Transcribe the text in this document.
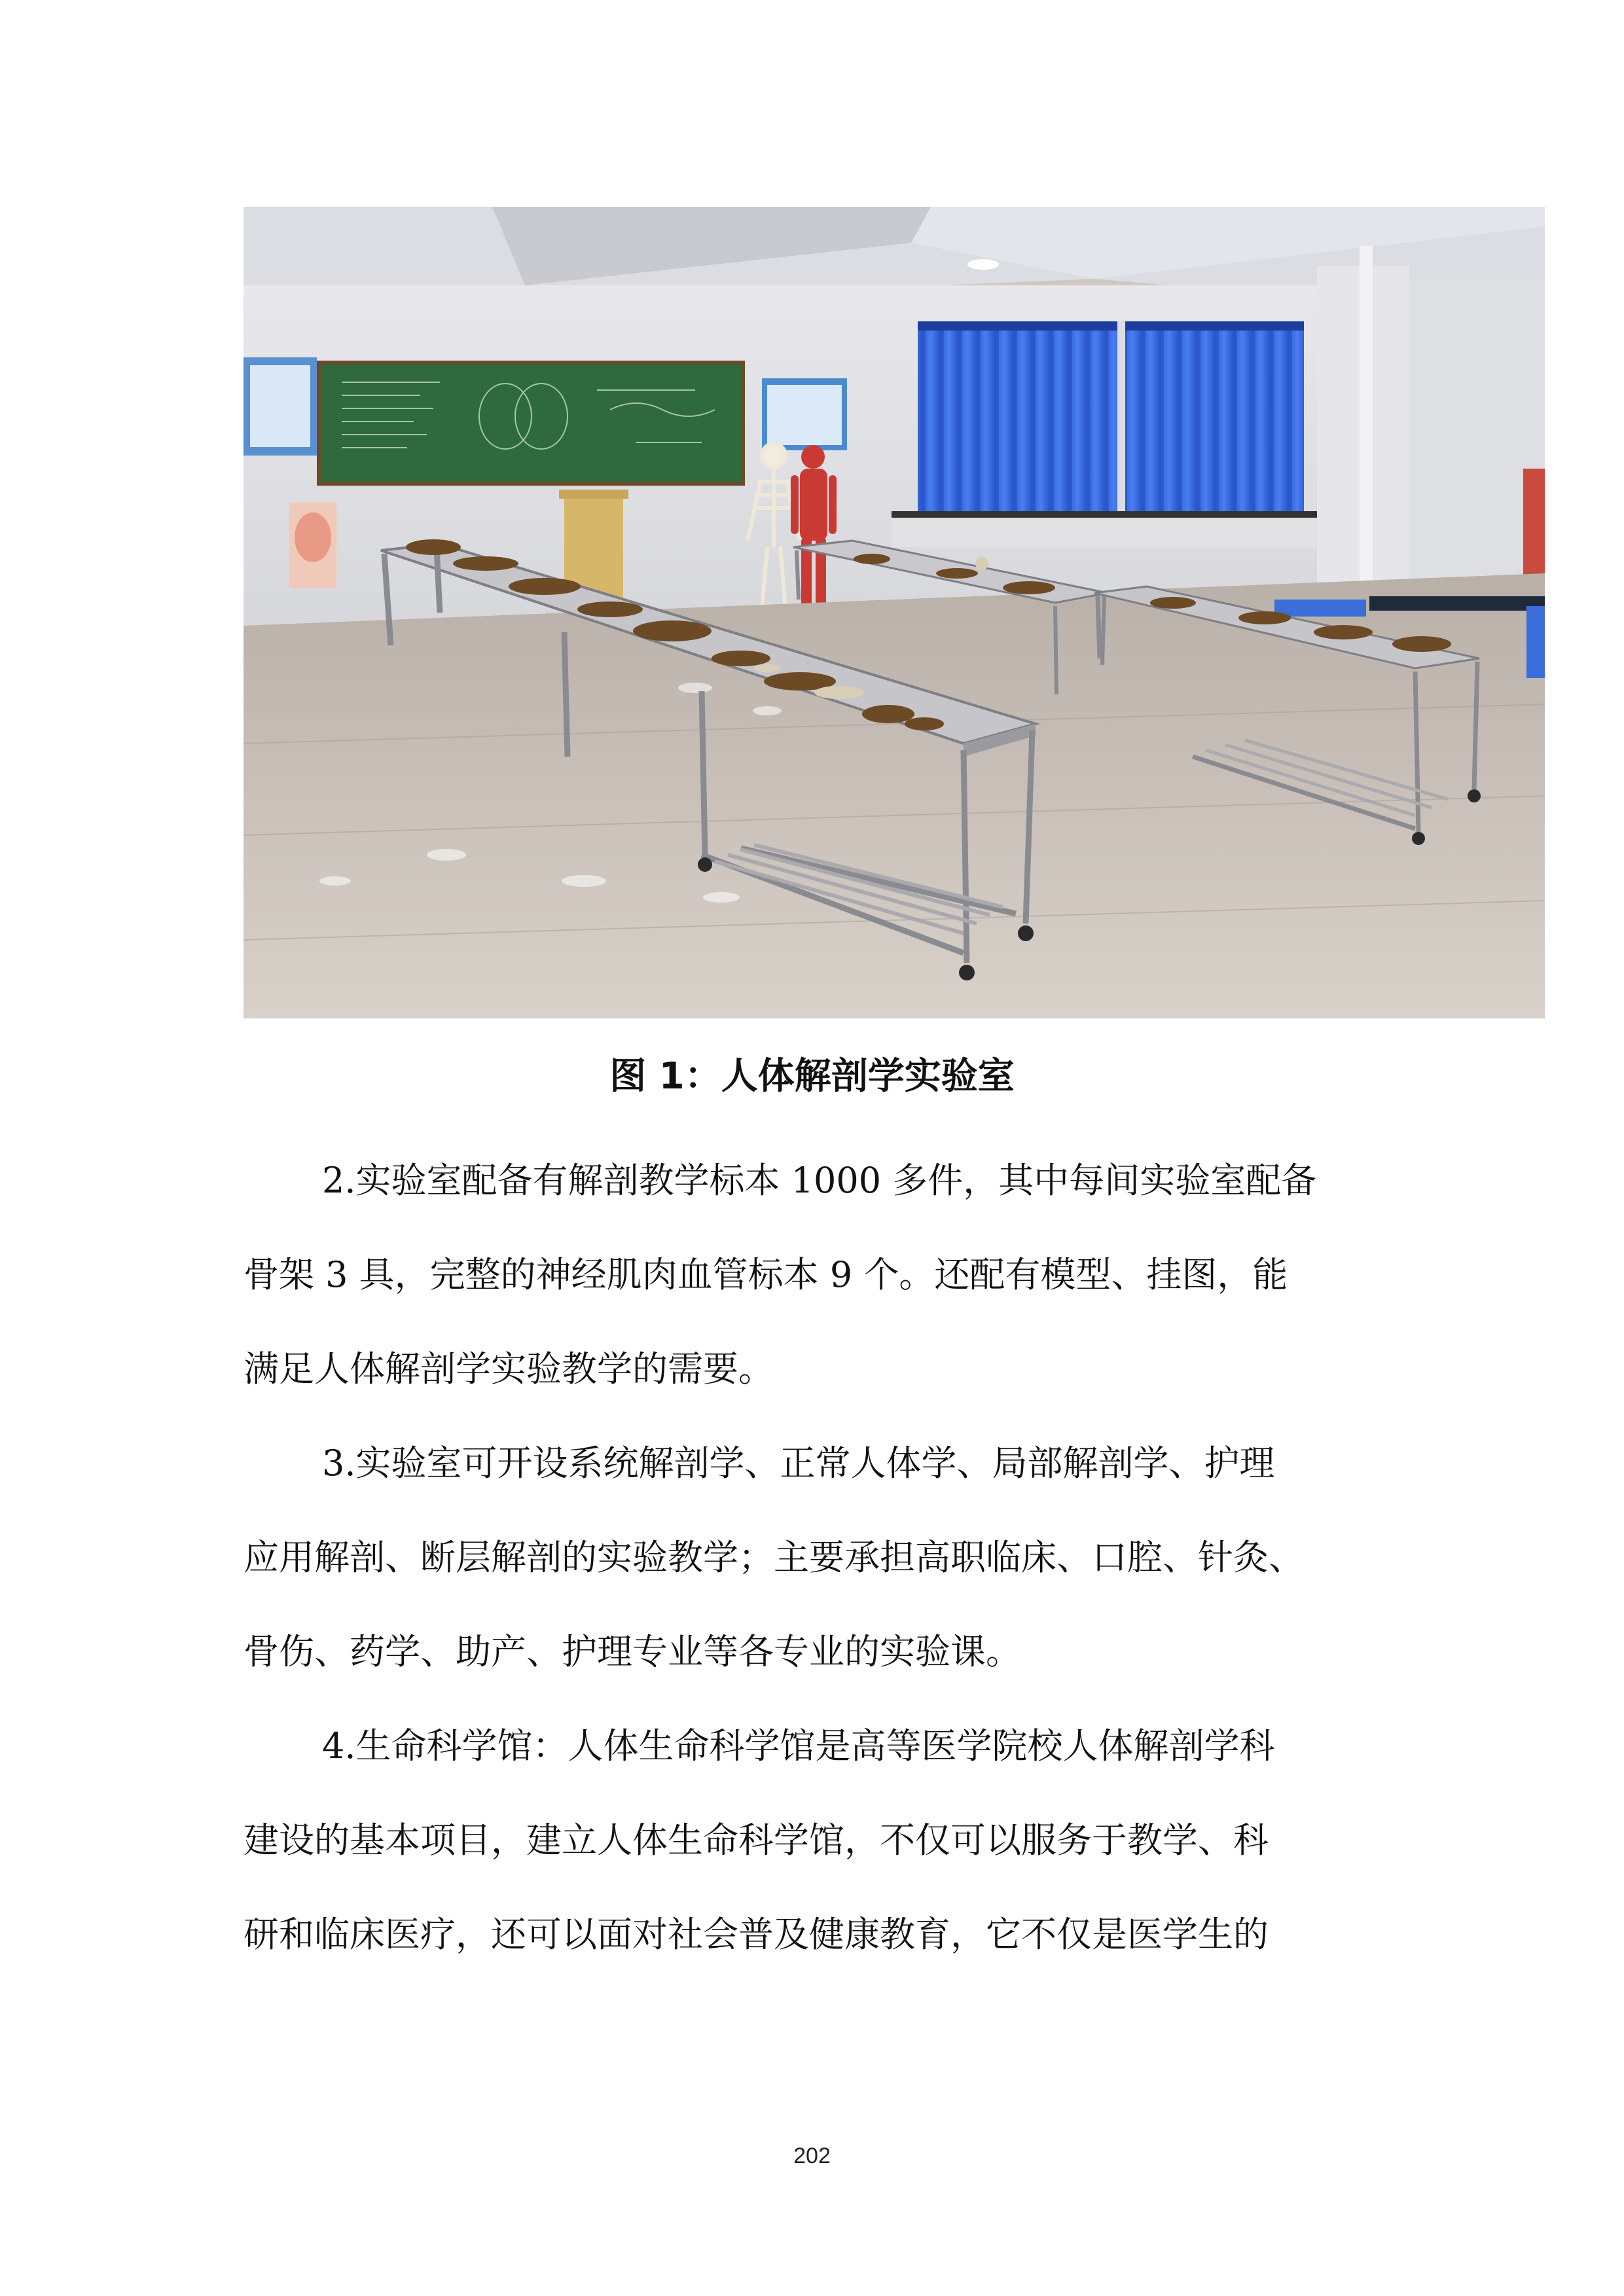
图 1：人体解剖学实验室
2.实验室配备有解剖教学标本 1000 多件，其中每间实验室配备
骨架 3 具，完整的神经肌肉血管标本 9 个。还配有模型、挂图，能
满足人体解剖学实验教学的需要。
3.实验室可开设系统解剖学、正常人体学、局部解剖学、护理
应用解剖、断层解剖的实验教学；主要承担高职临床、口腔、针灸、
骨伤、药学、助产、护理专业等各专业的实验课。
4.生命科学馆：人体生命科学馆是高等医学院校人体解剖学科
建设的基本项目，建立人体生命科学馆，不仅可以服务于教学、科
研和临床医疗，还可以面对社会普及健康教育，它不仅是医学生的
202
